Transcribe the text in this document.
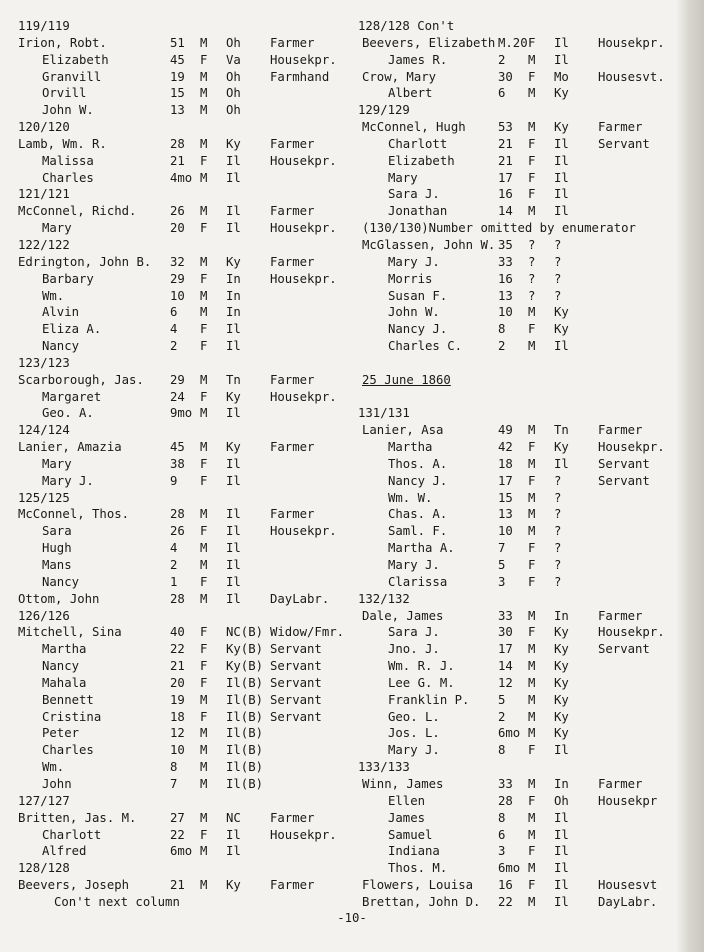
119/119
Irion, Robt.	51 M Oh Farmer
Elizabeth	45 F Va Housekpr.
Granvill	19 M Oh Farmhand
Orvill	15 M Oh
John W.	13 M Oh
120/120
Lamb, Wm. R.	28 M Ky Farmer
Malissa	21 F Il Housekpr.
Charles	4mo M Il
121/121
McConnel, Richd.	26 M Il Farmer
Mary	20 F Il Housekpr.
122/122
Edrington, John B. 32 M Ky Farmer
Barbary	29 F In Housekpr.
Wm.	10 M In
Alvin	6 M In
Eliza A.	4 F Il
Nancy	2 F Il
123/123
Scarborough, Jas. 29 M Tn Farmer
Margaret	24 F Ky Housekpr.
Geo. A.	9mo M Il
124/124
Lanier, Amazia	45 M Ky Farmer
Mary	38 F Il
Mary J.	9 F Il
125/125
McConnel, Thos.	28 M Il Farmer
Sara	26 F Il Housekpr.
Hugh	4 M Il
Mans	2 M Il
Nancy	1 F Il
Ottom, John	28 M Il DayLabr.
126/126
Mitchell, Sina	40 F NC(B) Widow/Fmr.
Martha	22 F Ky(B) Servant
Nancy	21 F Ky(B) Servant
Mahala	20 F Il(B) Servant
Bennett	19 M Il(B) Servant
Cristina	18 F Il(B) Servant
Peter	12 M Il(B)
Charles	10 M Il(B)
Wm.	8 M Il(B)
John	7 M Il(B)
127/127
Britten, Jas. M.	27 M NC Farmer
Charlott	22 F Il Housekpr.
Alfred	6mo M Il
128/128
Beevers, Joseph	21 M Ky Farmer
Con't next column
128/128 Con't
Beevers, Elizabeth M.20 F Il Housekpr.
James R.	2 M Il
Crow, Mary	30 F Mo Housesvt.
Albert	6 M Ky
129/129
McConnel, Hugh	53 M Ky Farmer
Charlott	21 F Il Servant
Elizabeth	21 F Il
Mary	17 F Il
Sara J.	16 F Il
Jonathan	14 M Il
(130/130)Number omitted by enumerator
McGlassen, John W. 35 ? ?
Mary J.	33 ? ?
Morris	16 ? ?
Susan F.	13 ? ?
John W.	10 M Ky
Nancy J.	8 F Ky
Charles C.	2 M Il
25 June 1860
131/131
Lanier, Asa	49 M Tn Farmer
Martha	42 F Ky Housekpr.
Thos. A.	18 M Il Servant
Nancy J.	17 F ?	Servant
Wm. W.	15 M ?
Chas. A.	13 M ?
Saml. F.	10 M ?
Martha A.	7 F ?
Mary J.	5 F ?
Clarissa	3 F ?
132/132
Dale, James	33 M In Farmer
Sara J.	30 F Ky Housekpr.
Jno. J.	17 M Ky Servant
Wm. R. J.	14 M Ky
Lee G. M.	12 M Ky
Franklin P. 5 M Ky
Geo. L.	2 M Ky
Jos. L.	6mo M Ky
Mary J.	8 F Il
133/133
Winn, James	33 M In Farmer
Ellen	28 F Oh Housekpr
James	8 M Il
Samuel	6 M Il
Indiana	3 F Il
Thos. M.	6mo M Il
Flowers, Louisa 16 F Il Housesvt
Brettan, John D. 22 M Il DayLabr.
-10-
